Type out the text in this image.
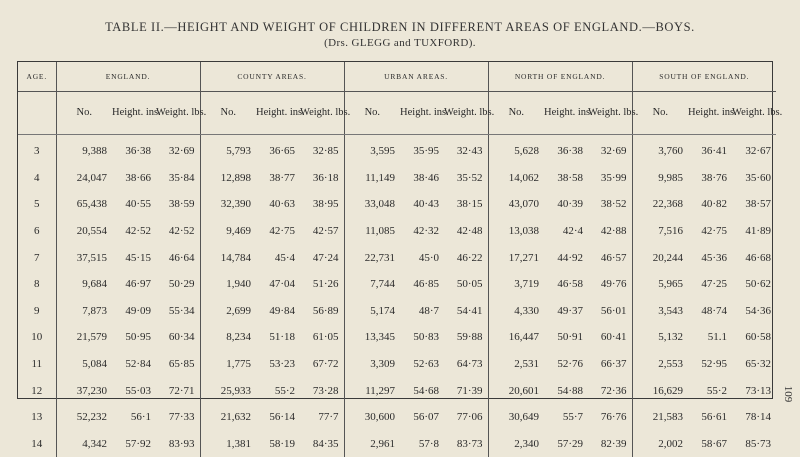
TABLE II.—HEIGHT AND WEIGHT OF CHILDREN IN DIFFERENT AREAS OF ENGLAND.—BOYS.
(Drs. GLEGG and TUXFORD).
AGE.	ENGLAND.			COUNTY AREAS.			URBAN AREAS.			NORTH OF ENGLAND.			SOUTH OF ENGLAND.		
	No.	Height. ins.	Weight. lbs.	No.	Height. ins.	Weight. lbs.	No.	Height. ins.	Weight. lbs.	No.	Height. ins.	Weight. lbs.	No.	Height. ins.	Weight. lbs.
3	9,388	36·38	32·69	5,793	36·65	32·85	3,595	35·95	32·43	5,628	36·38	32·69	3,760	36·41	32·67
4	24,047	38·66	35·84	12,898	38·77	36·18	11,149	38·46	35·52	14,062	38·58	35·99	9,985	38·76	35·60
5	65,438	40·55	38·59	32,390	40·63	38·95	33,048	40·43	38·15	43,070	40·39	38·52	22,368	40·82	38·57
6	20,554	42·52	42·52	9,469	42·75	42·57	11,085	42·32	42·48	13,038	42·4	42·88	7,516	42·75	41·89
7	37,515	45·15	46·64	14,784	45·4	47·24	22,731	45·0	46·22	17,271	44·92	46·57	20,244	45·36	46·68
8	9,684	46·97	50·29	1,940	47·04	51·26	7,744	46·85	50·05	3,719	46·58	49·76	5,965	47·25	50·62
9	7,873	49·09	55·34	2,699	49·84	56·89	5,174	48·7	54·41	4,330	49·37	56·01	3,543	48·74	54·36
10	21,579	50·95	60·34	8,234	51·18	61·05	13,345	50·83	59·88	16,447	50·91	60·41	5,132	51.1	60·58
11	5,084	52·84	65·85	1,775	53·23	67·72	3,309	52·63	64·73	2,531	52·76	66·37	2,553	52·95	65·32
12	37,230	55·03	72·71	25,933	55·2	73·28	11,297	54·68	71·39	20,601	54·88	72·36	16,629	55·2	73·13
13	52,232	56·1	77·33	21,632	56·14	77·7	30,600	56·07	77·06	30,649	55·7	76·76	21,583	56·61	78·14
14	4,342	57·92	83·93	1,381	58·19	84·35	2,961	57·8	83·73	2,340	57·29	82·39	2,002	58·67	85·73
109
